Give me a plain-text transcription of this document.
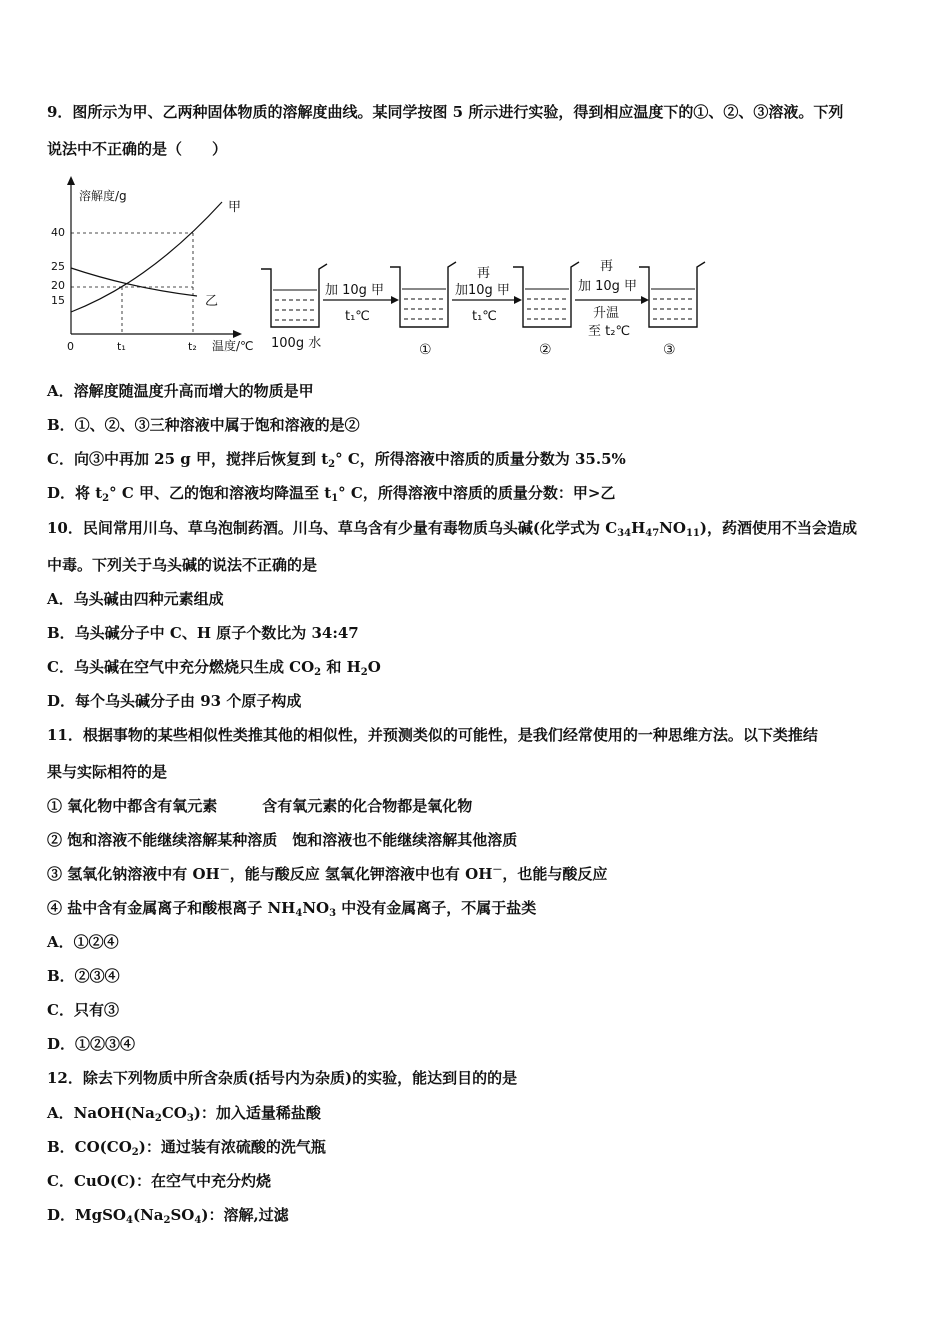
9．图所示为甲、乙两种固体物质的溶解度曲线。某同学按图 5 所示进行实验，得到相应温度下的①、②、③溶液。下列
说法中不正确的是（　　）
溶解度/g
甲
乙
40
25
20
15
0	t₁	t₂ 温度/℃ 100g 水
加 10g 甲
t₁℃
①
再
加10g 甲
t₁℃
②
再
加 10g 甲
升温
至 t₂℃
③
A．溶解度随温度升高而增大的物质是甲
B．①、②、③三种溶液中属于饱和溶液的是②
C．向③中再加 25 g 甲，搅拌后恢复到 $t_2^\circ$ C，所得溶液中溶质的质量分数为 35.5%
D．将 $t_2^\circ$ C 甲、乙的饱和溶液均降温至 $t_1^\circ$ C，所得溶液中溶质的质量分数：甲>乙
10．民间常用川乌、草乌泡制药酒。川乌、草乌含有少量有毒物质乌头碱(化学式为 $C_{34}H_{47}NO_{11}$)，药酒使用不当会造成
中毒。下列关于乌头碱的说法不正确的是
A．乌头碱由四种元素组成
B．乌头碱分子中 C、H 原子个数比为 34:47
C．乌头碱在空气中充分燃烧只生成 $CO_2$ 和 $H_2O$
D．每个乌头碱分子由 93 个原子构成
11．根据事物的某些相似性类推其他的相似性，并预测类似的可能性，是我们经常使用的一种思维方法。以下类推结
果与实际相符的是
① 氧化物中都含有氧元素　　　含有氧元素的化合物都是氧化物
② 饱和溶液不能继续溶解某种溶质　饱和溶液也不能继续溶解其他溶质
③ 氢氧化钠溶液中有 OH－，能与酸反应 氢氧化钾溶液中也有 OH－，也能与酸反应
④ 盐中含有金属离子和酸根离子 $NH_4NO_3$ 中没有金属离子，不属于盐类
A．①②④
B．②③④
C．只有③
D．①②③④
12．除去下列物质中所含杂质(括号内为杂质)的实验，能达到目的的是
A．$NaOH(Na_2CO_3)$：加入适量稀盐酸
B．$CO(CO_2)$：通过装有浓硫酸的洗气瓶
C．CuO(C)：在空气中充分灼烧
D．$MgSO_4(Na_2SO_4)$：溶解,过滤
